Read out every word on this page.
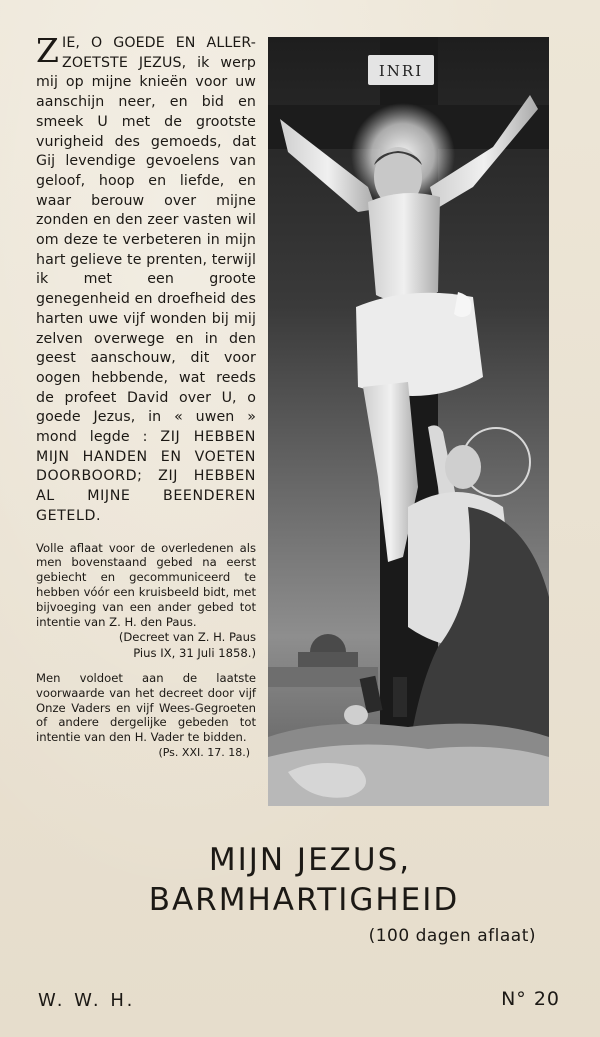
ZIE, O GOEDE EN ALLER-ZOETSTE JEZUS, ik werp mij op mijne knieën voor uw aanschijn neer, en bid en smeek U met de grootste vurigheid des gemoeds, dat Gij levendige gevoelens van geloof, hoop en liefde, en waar berouw over mijne zonden en den zeer vasten wil om deze te verbeteren in mijn hart gelieve te prenten, terwijl ik met een groote genegenheid en droefheid des harten uwe vijf wonden bij mij zelven overwege en in den geest aanschouw, dit voor oogen hebbende, wat reeds de profeet David over U, o goede Jezus, in « uwen » mond legde : ZIJ HEBBEN MIJN HANDEN EN VOETEN DOORBOORD; ZIJ HEBBEN AL MIJNE BEENDEREN GETELD.

Volle aflaat voor de overledenen als men bovenstaand gebed na eerst gebiecht en gecommuniceerd te hebben vóór een kruisbeeld bidt, met bijvoeging van een ander gebed tot intentie van Z. H. den Paus.
(Decreet van Z. H. Paus
Pius IX, 31 Juli 1858.)
Men voldoet aan de laatste voorwaarde van het decreet door vijf Onze Vaders en vijf Wees-Gegroeten of andere dergelijke gebeden tot intentie van den H. Vader te bidden.
(Ps. XXI. 17. 18.)
INRI
MIJN JEZUS,
BARMHARTIGHEID
(100 dagen aflaat)
W. W. H.	N° 20
